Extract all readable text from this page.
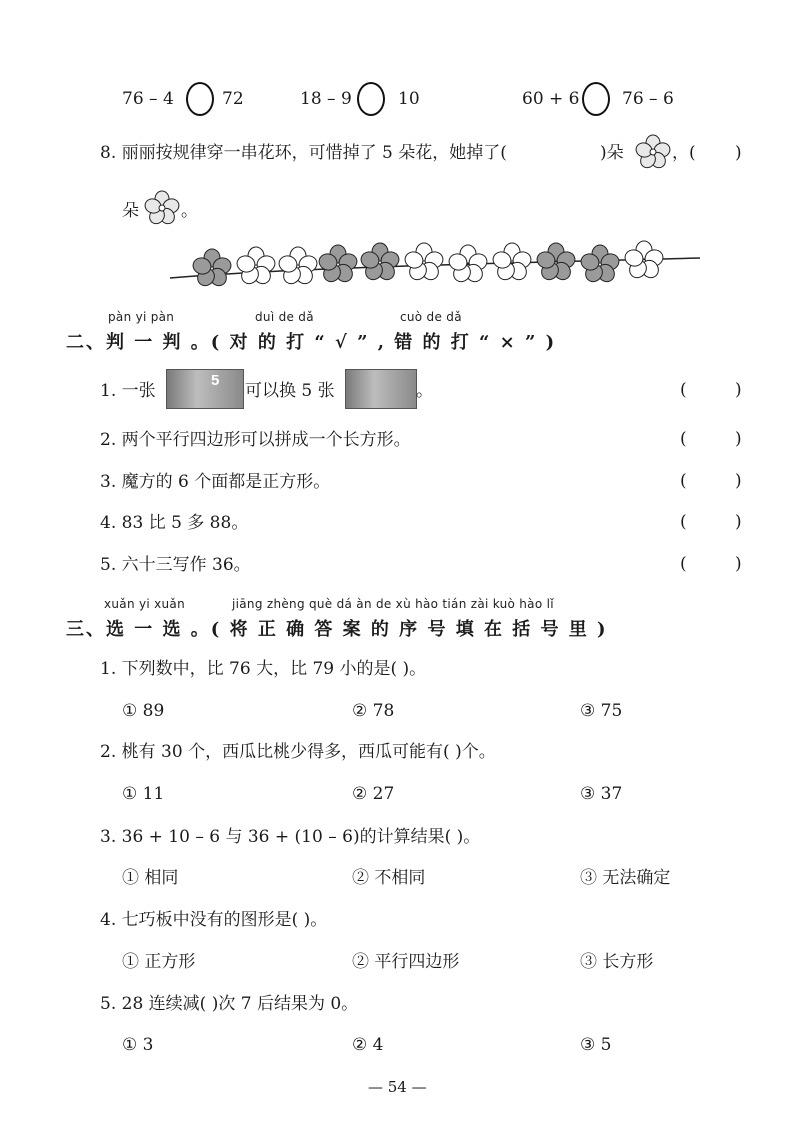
76 – 4	72	18 – 9	10	60 + 6	76 – 6
8. 丽丽按规律穿一串花环，可惜掉了 5 朵花，她掉了(	)朵	，( )
朵 。
pàn yi pàn	duì de dǎ	cuò de dǎ
二、判 一 判 。( 对 的 打 “ √ ” , 错 的 打 “ × ” )
1. 一张
5
可以换 5 张	。	(	)
2. 两个平行四边形可以拼成一个长方形。	(	)
3. 魔方的 6 个面都是正方形。	(	)
4. 83 比 5 多 88。	(	)
5. 六十三写作 36。	(	)
xuǎn yi xuǎn	jiāng zhèng què dá àn de xù hào tián zài kuò hào lǐ
三、选 一 选 。( 将 正 确 答 案 的 序 号 填 在 括 号 里 )
1. 下列数中，比 76 大，比 79 小的是( )。
① 89	② 78	③ 75
2. 桃有 30 个，西瓜比桃少得多，西瓜可能有( )个。
① 11	② 27	③ 37
3. 36 + 10 – 6 与 36 + (10 – 6)的计算结果( )。
① 相同	② 不相同	③ 无法确定
4. 七巧板中没有的图形是( )。
① 正方形	② 平行四边形	③ 长方形
5. 28 连续减( )次 7 后结果为 0。
① 3	② 4	③ 5
— 54 —
